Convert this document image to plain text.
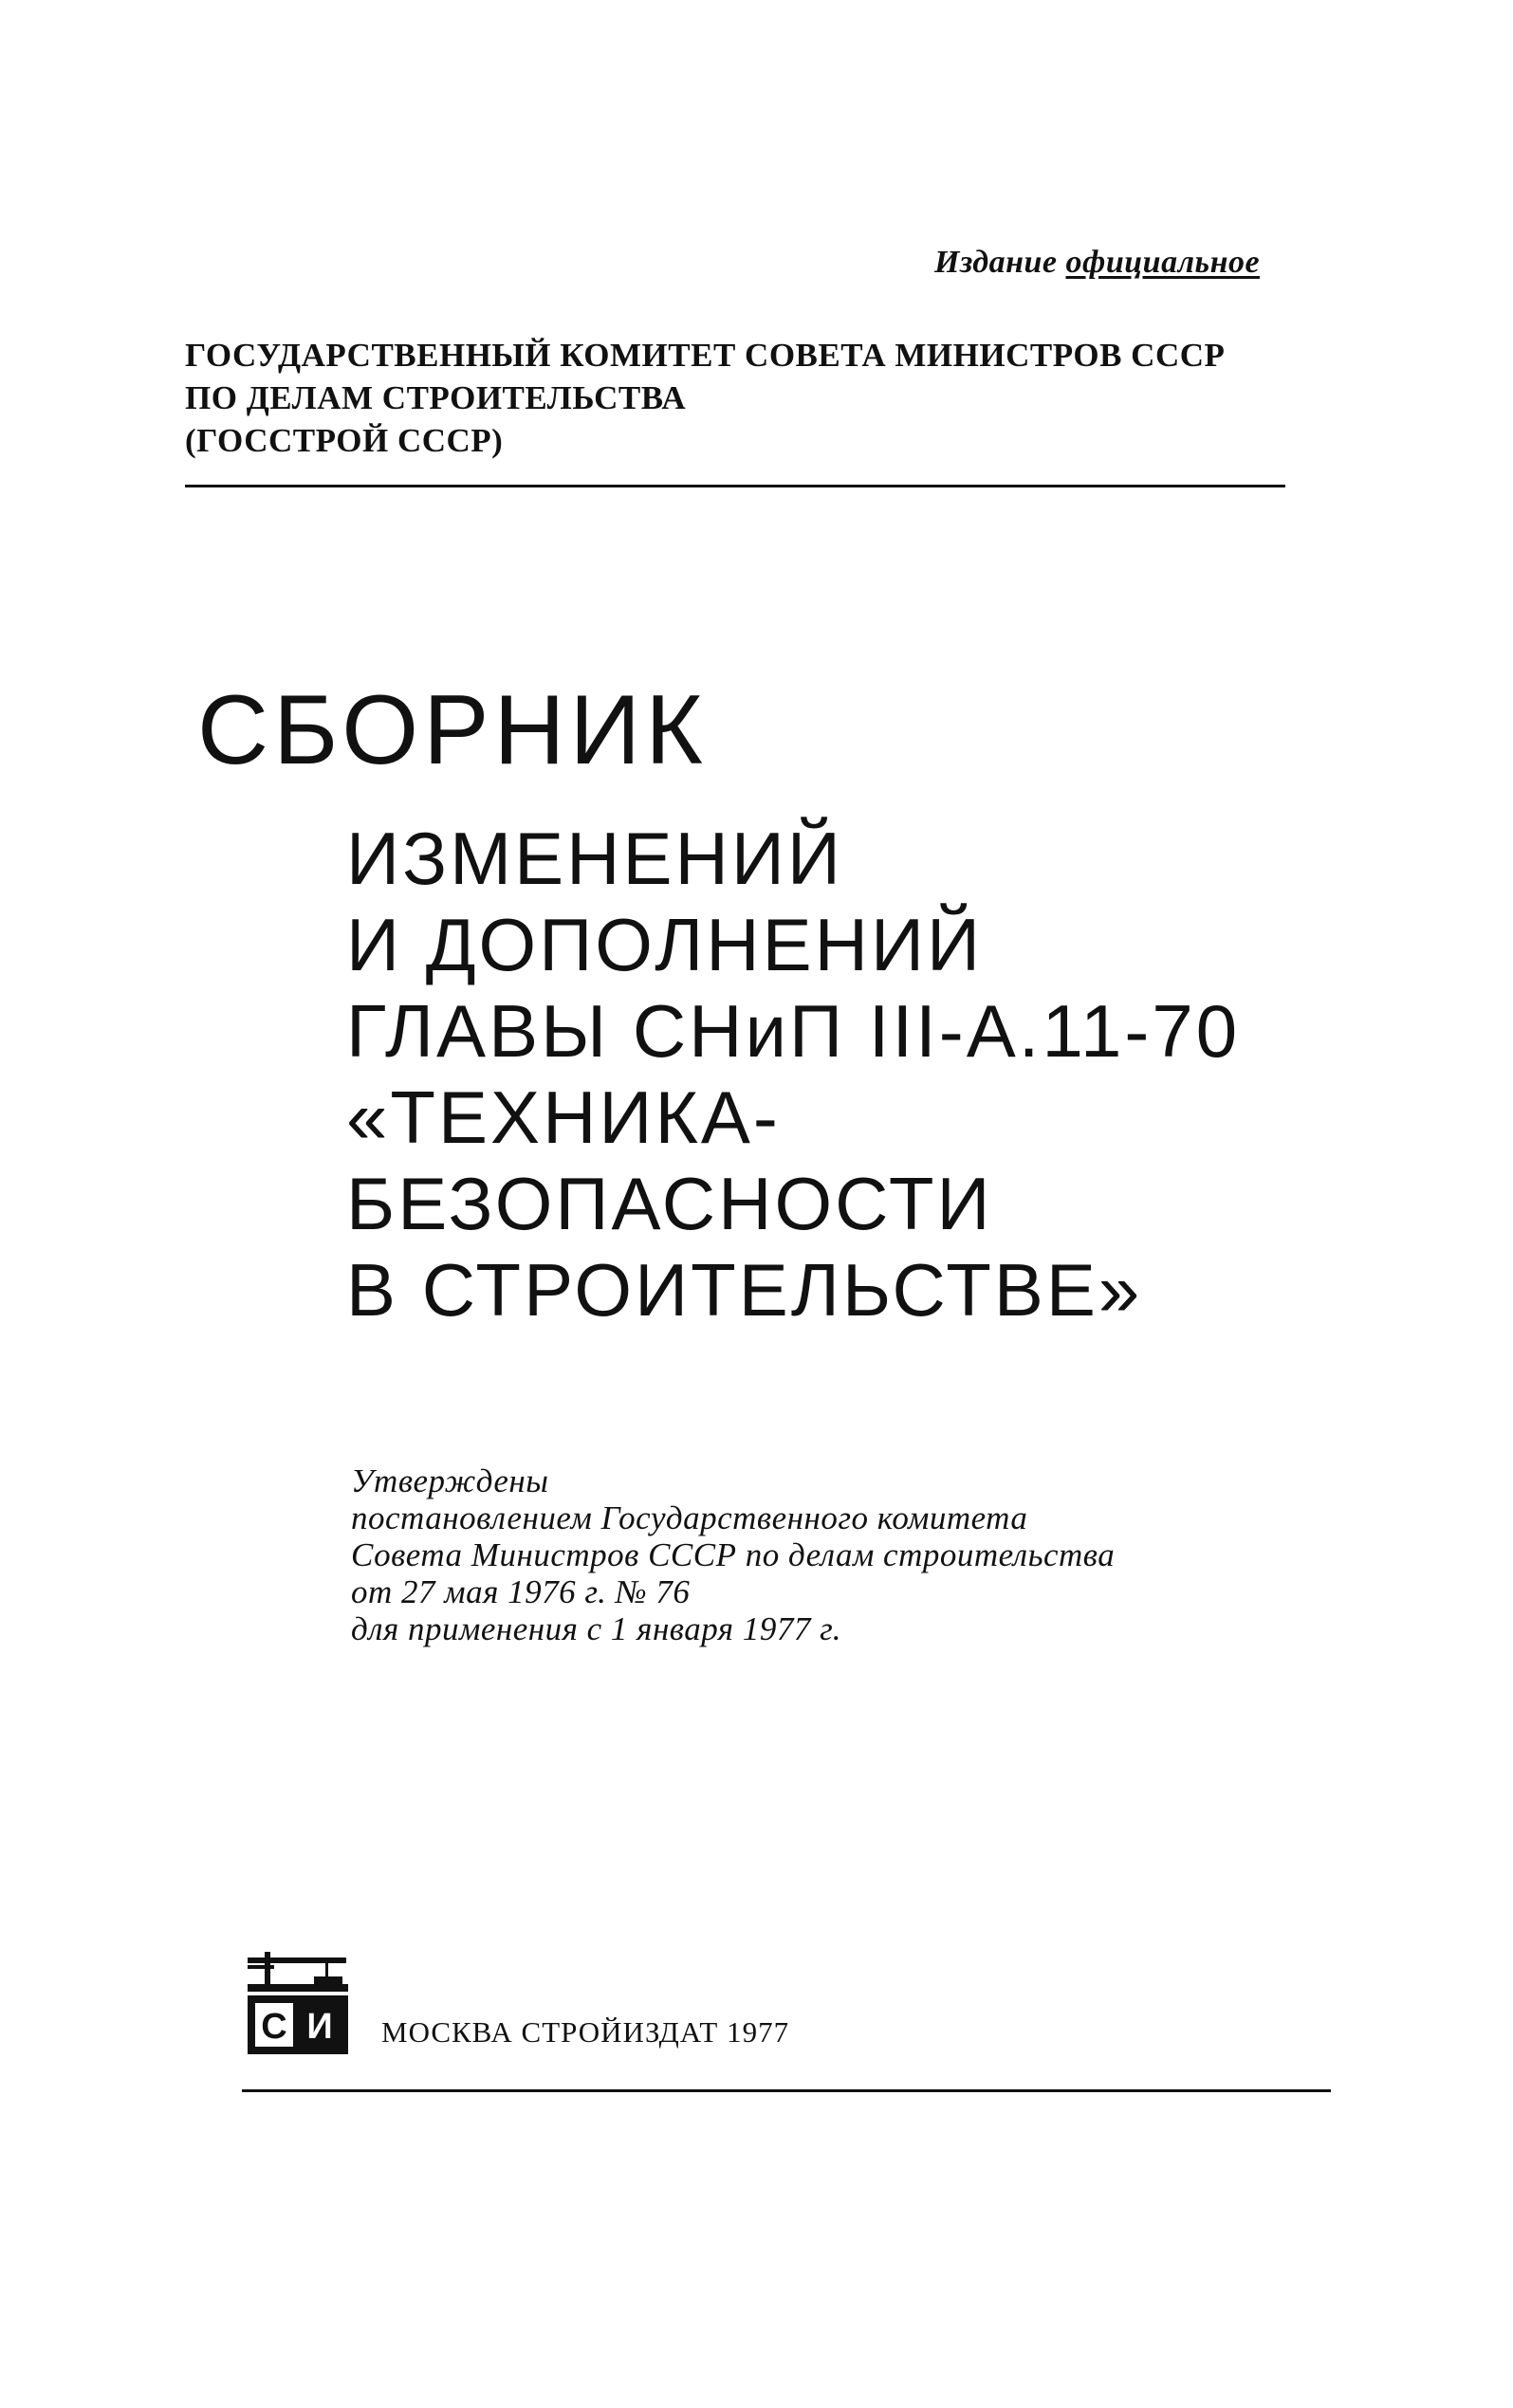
Издание официальное
ГОСУДАРСТВЕННЫЙ КОМИТЕТ СОВЕТА МИНИСТРОВ СССР
ПО ДЕЛАМ СТРОИТЕЛЬСТВА
(ГОССТРОЙ СССР)
СБОРНИК
ИЗМЕНЕНИЙ
И ДОПОЛНЕНИЙ
ГЛАВЫ СНиП III-А.11-70
«ТЕХНИКА-
БЕЗОПАСНОСТИ
В СТРОИТЕЛЬСТВЕ»
Утверждены
постановлением Государственного комитета
Совета Министров СССР по делам строительства
от 27 мая 1976 г. № 76
для применения с 1 января 1977 г.
С И МОСКВА СТРОЙИЗДАТ 1977
